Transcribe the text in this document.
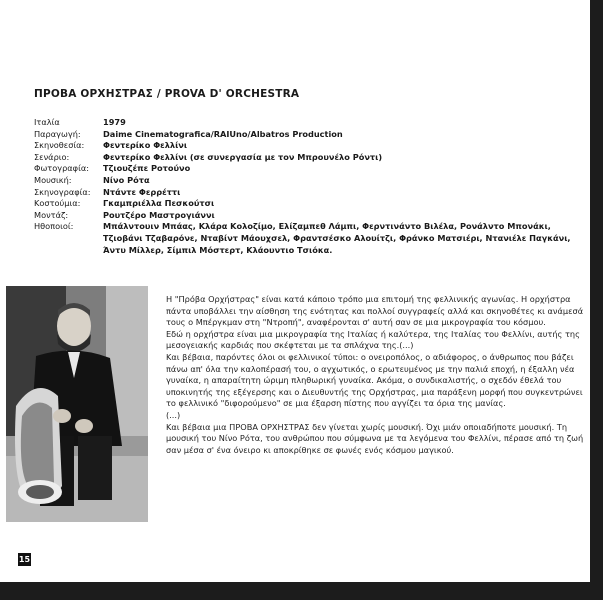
ΠΡΟΒΑ ΟΡΧΗΣΤΡΑΣ / PROVA D' ORCHESTRA
Ιταλία	1979
Παραγωγή:	Daime Cinematografica/RAIUno/Albatros Production
Σκηνοθεσία:	Φεντερίκο Φελλίνι
Σενάριο:	Φεντερίκο Φελλίνι (σε συνεργασία με τον Μπρουνέλο Ρόντι)
Φωτογραφία:	Τζιουζέπε Ροτούνο
Μουσική:	Νίνο Ρότα
Σκηνογραφία:	Ντάντε Φερρέττι
Κοστούμια:	Γκαμπριέλλα Πεσκούτσι
Μοντάζ:	Ρουτζέρο Μαστρογιάννι
Ηθοποιοί:	Μπάλντουιν Μπάας, Κλάρα Κολοζίμο, Ελίζαμπεθ Λάμπι, Φερντινάντο Βιλέλα, Ρονάλντο Μπονάκι, Τζιοβάνι Τζαβαρόνε, Νταβίντ Μάουχσελ, Φραντσέσκο Αλουίτζι, Φράνκο Ματσιέρι, Ντανιέλε Παγκάνι, Άντυ Μίλλερ, Σίμπιλ Μόστερτ, Κλάουντιο Τσιόκα.

Η "Πρόβα Ορχήστρας" είναι κατά κάποιο τρόπο μια επιτομή της φελλινικής αγωνίας. Η ορχήστρα πάντα υποβάλλει την αίσθηση της ενότητας και πολλοί συγγραφείς αλλά και σκηνοθέτες κι ανάμεσά τους ο Μπέργκμαν στη "Ντροπή", αναφέρονται σ' αυτή σαν σε μια μικρογραφία του κόσμου.

Εδώ η ορχήστρα είναι μια μικρογραφία της Ιταλίας ή καλύτερα, της Ιταλίας του Φελλίνι, αυτής της μεσογειακής καρδιάς που σκέφτεται με τα σπλάχνα της.(...)

Και βέβαια, παρόντες όλοι οι φελλινικοί τύποι: ο ονειροπόλος, ο αδιάφορος, ο άνθρωπος που βάζει πάνω απ' όλα την καλοπέρασή του, ο αγχωτικός, ο ερωτευμένος με την παλιά εποχή, η έξαλλη νέα γυναίκα, η απαραίτητη ώριμη πληθωρική γυναίκα. Ακόμα, ο συνδικαλιστής, ο σχεδόν έθελά του υποκινητής της εξέγερσης και ο Διευθυντής της Ορχήστρας, μια παράξενη μορφή που συγκεντρώνει το φελλινικό "διφορούμενο" σε μια έξαρση πίστης που αγγίζει τα όρια της μανίας.

(...)

Και βέβαια μια ΠΡΟΒΑ ΟΡΧΗΣΤΡΑΣ δεν γίνεται χωρίς μουσική. Όχι μιάν οποιαδήποτε μουσική. Τη μουσική του Νίνο Ρότα, του ανθρώπου που σύμφωνα με τα λεγόμενα του Φελλίνι, πέρασε από τη ζωή σαν μέσα σ' ένα όνειρο κι αποκρίθηκε σε φωνές ενός κόσμου μαγικού.

15
